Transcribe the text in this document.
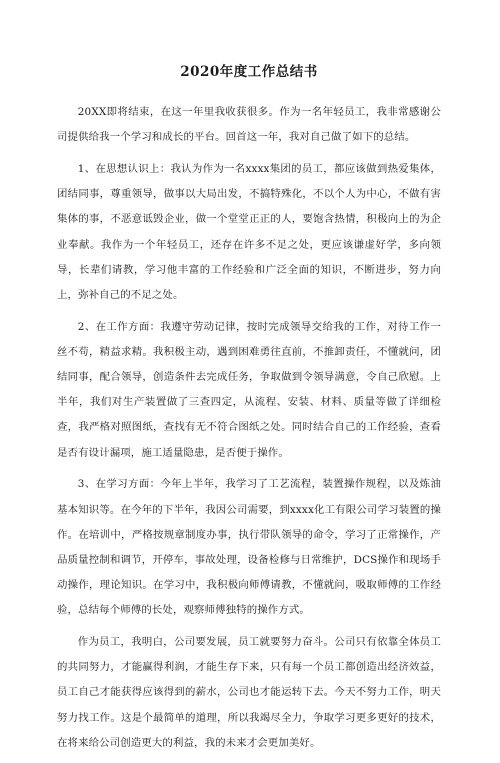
2020年度工作总结书

20XX即将结束，在这一年里我收获很多。作为一名年轻员工，我非常感谢公司提供给我一个学习和成长的平台。回首这一年，我对自己做了如下的总结。

1、在思想认识上：我认为作为一名xxxx集团的员工，都应该做到热爱集体，团结同事，尊重领导，做事以大局出发，不搞特殊化，不以个人为中心，不做有害集体的事，不恶意诋毁企业，做一个堂堂正正的人，要饱含热情，积极向上的为企业奉献。我作为一个年轻员工，还存在许多不足之处，更应该谦虚好学，多向领导，长辈们请教，学习他丰富的工作经验和广泛全面的知识，不断进步，努力向上，弥补自己的不足之处。

2、在工作方面：我遵守劳动记律，按时完成领导交给我的工作，对待工作一丝不苟，精益求精。我积极主动，遇到困难勇往直前，不推卸责任，不懂就问，团结同事，配合领导，创造条件去完成任务，争取做到令领导满意，令自己欣慰。上半年，我们对生产装置做了三查四定，从流程、安装、材料、质量等做了详细检查，我严格对照图纸，查找有无不符合图纸之处。同时结合自己的工作经验，查看是否有设计漏项，施工适量隐患，是否便于操作。

3、在学习方面：今年上半年，我学习了工艺流程，装置操作规程，以及炼油基本知识等。在今年的下半年，我因公司需要，到xxxx化工有限公司学习装置的操作。在培训中，严格按规章制度办事，执行带队领导的命令，学习了正常操作，产品质量控制和调节，开停车，事故处理，设备检修与日常维护，DCS操作和现场手动操作，理论知识。在学习中，我积极向师傅请教，不懂就问，吸取师傅的工作经验，总结每个师傅的长处，观察师傅独特的操作方式。

作为员工，我明白，公司要发展，员工就要努力奋斗。公司只有依靠全体员工的共同努力，才能赢得利润，才能生存下来，只有每一个员工都创造出经济效益，员工自己才能获得应该得到的薪水，公司也才能运转下去。今天不努力工作，明天努力找工作。这是个最简单的道理，所以我竭尽全力，争取学习更多更好的技术，在将来给公司创造更大的利益，我的未来才会更加美好。
